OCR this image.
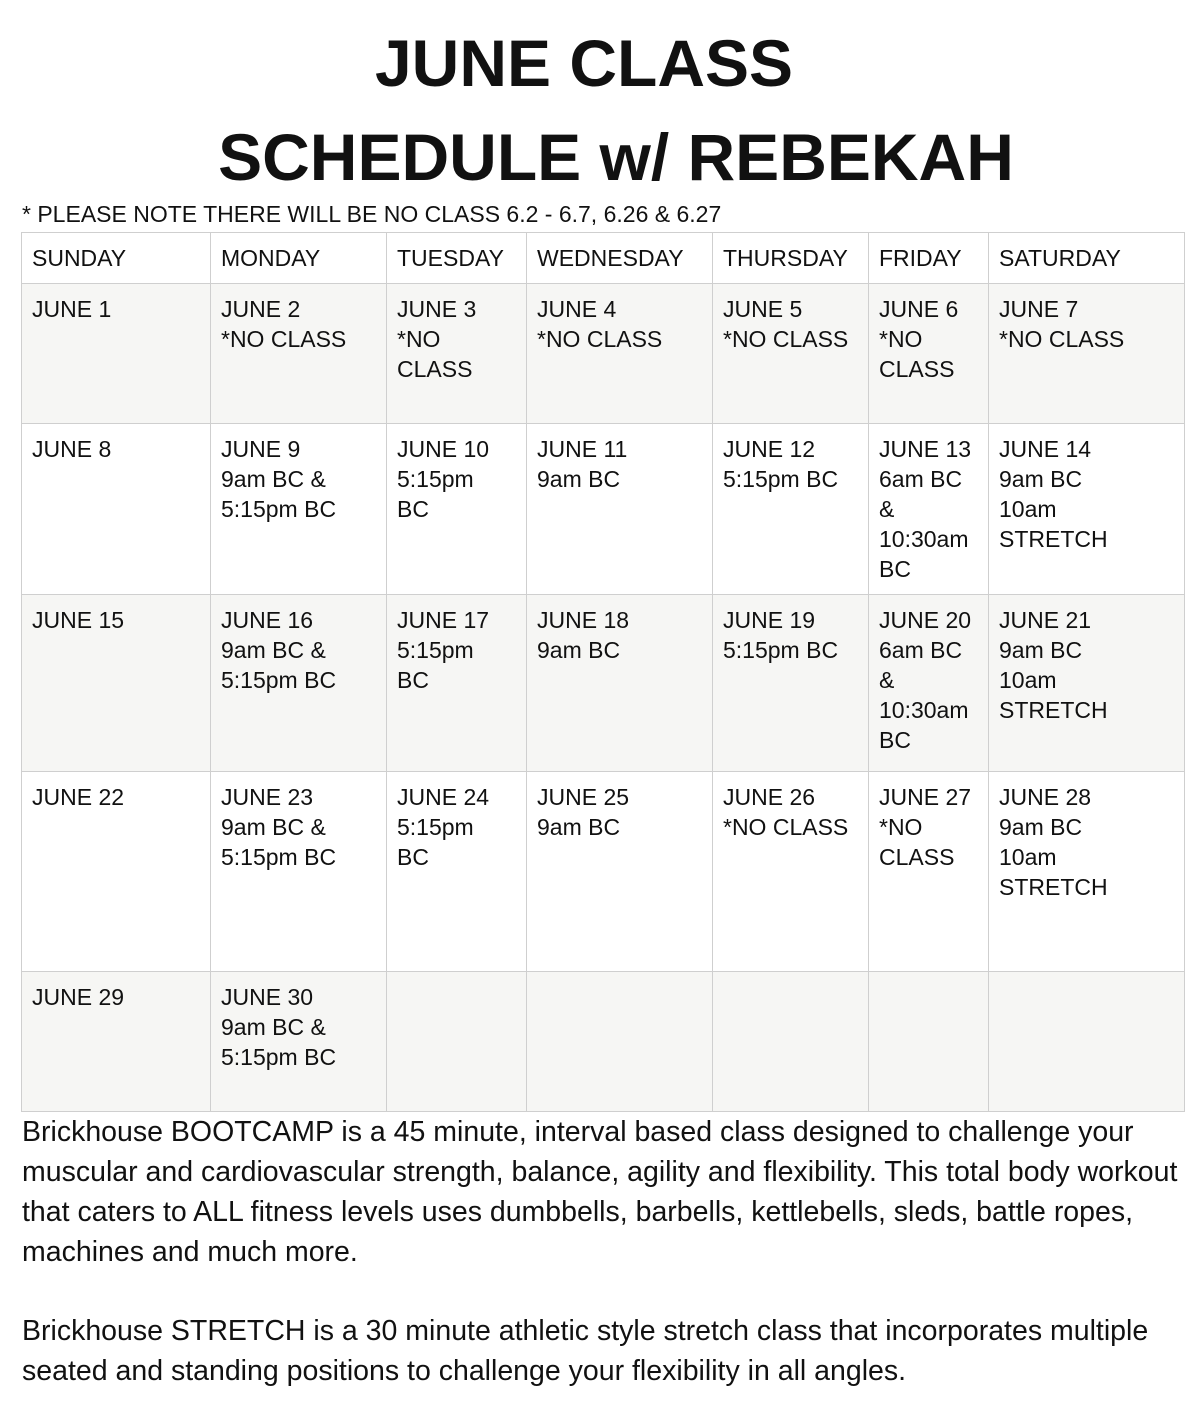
JUNE CLASS
SCHEDULE w/ REBEKAH

* PLEASE NOTE THERE WILL BE NO CLASS 6.2 - 6.7, 6.26 & 6.27

SUNDAY	MONDAY	TUESDAY	WEDNESDAY	THURSDAY	FRIDAY	SATURDAY

JUNE 1	JUNE 2
*NO CLASS	JUNE 3
*NO
CLASS	JUNE 4
*NO CLASS	JUNE 5
*NO CLASS	JUNE 6
*NO
CLASS	JUNE 7
*NO CLASS

JUNE 8	JUNE 9
9am BC &
5:15pm BC	JUNE 10
5:15pm
BC	JUNE 11
9am BC	JUNE 12
5:15pm BC	JUNE 13
6am BC
&
10:30am
BC	JUNE 14
9am BC
10am
STRETCH

JUNE 15	JUNE 16
9am BC &
5:15pm BC	JUNE 17
5:15pm
BC	JUNE 18
9am BC	JUNE 19
5:15pm BC	JUNE 20
6am BC
&
10:30am
BC	JUNE 21
9am BC
10am
STRETCH

JUNE 22	JUNE 23
9am BC &
5:15pm BC	JUNE 24
5:15pm
BC	JUNE 25
9am BC	JUNE 26
*NO CLASS	JUNE 27
*NO
CLASS	JUNE 28
9am BC
10am
STRETCH

JUNE 29	JUNE 30
9am BC &
5:15pm BC					

Brickhouse BOOTCAMP is a 45 minute, interval based class designed to challenge your muscular and cardiovascular strength, balance, agility and flexibility. This total body workout that caters to ALL fitness levels uses dumbbells, barbells, kettlebells, sleds, battle ropes, machines and much more.

Brickhouse STRETCH is a 30 minute athletic style stretch class that incorporates multiple seated and standing positions to challenge your flexibility in all angles.
